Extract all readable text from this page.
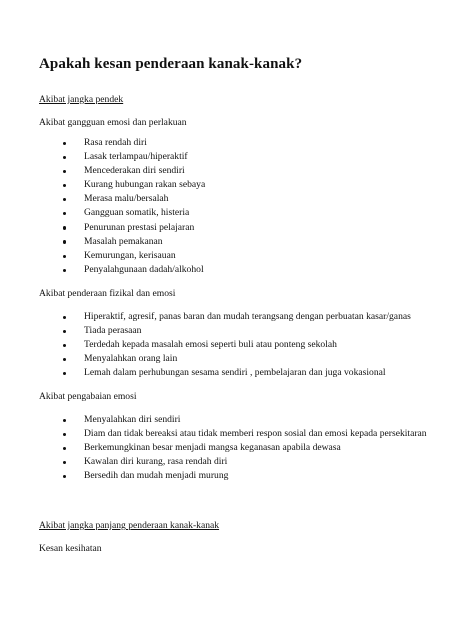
Apakah kesan penderaan kanak-kanak?

Akibat jangka pendek

Akibat gangguan emosi dan perlakuan

Rasa rendah diri
Lasak terlampau/hiperaktif
Mencederakan diri sendiri
Kurang hubungan rakan sebaya
Merasa malu/bersalah
Gangguan somatik, histeria
Penurunan prestasi pelajaran
Masalah pemakanan
Kemurungan, kerisauan
Penyalahgunaan dadah/alkohol

Akibat penderaan fizikal dan emosi

Hiperaktif, agresif, panas baran dan mudah terangsang dengan perbuatan kasar/ganas
Tiada perasaan
Terdedah kepada masalah emosi seperti buli atau ponteng sekolah
Menyalahkan orang lain
Lemah dalam perhubungan sesama sendiri , pembelajaran dan juga vokasional

Akibat pengabaian emosi

Menyalahkan diri sendiri
Diam dan tidak bereaksi atau tidak memberi respon sosial dan emosi kepada persekitaran
Berkemungkinan besar menjadi mangsa keganasan apabila dewasa
Kawalan diri kurang, rasa rendah diri
Bersedih dan mudah menjadi murung

Akibat jangka panjang penderaan kanak-kanak

Kesan kesihatan
